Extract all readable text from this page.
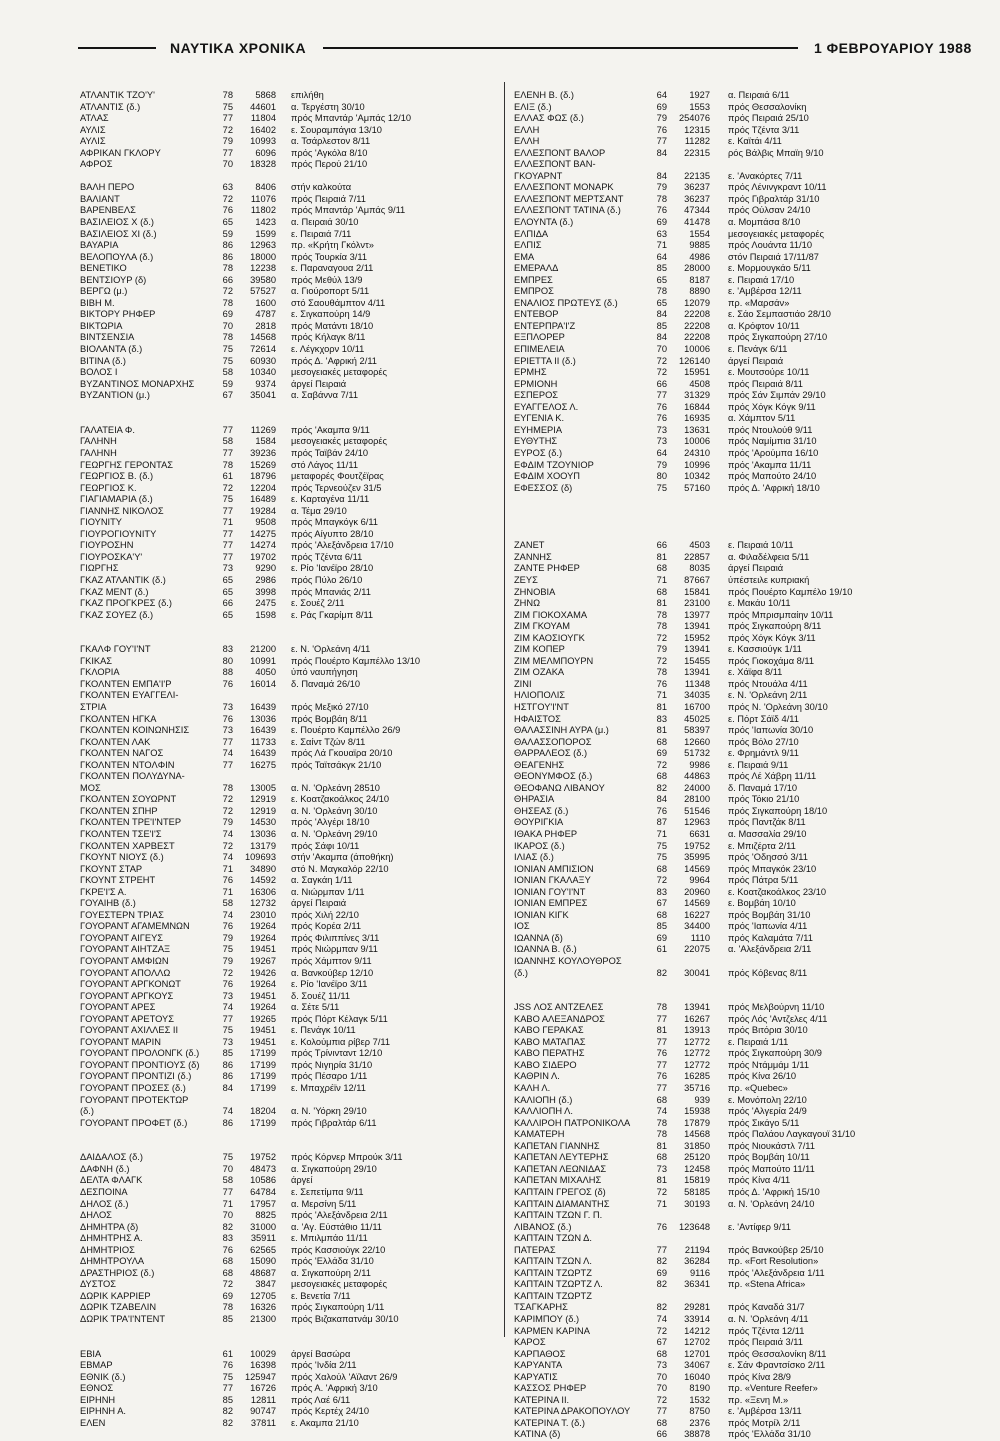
ΝΑΥΤΙΚΑ ΧΡΟΝΙΚΑ	1 ΦΕΒΡΟΥΑΡΙΟΥ 1988
ΑΤΛΑΝΤΙΚ ΤΖΟ'Υ'	78	5868 επιλήθη
ΑΤΛΑΝΤΙΣ (δ.)	75	44601 α. Τεργέστη 30/10
ΑΤΛΑΣ	77	11804 πρός Μπαντάρ 'Αμπάς 12/10
ΑΥΛΙΣ	72	16402 ε. Σουραμπάγια 13/10
ΑΥΛΙΣ	79	10993 α. Τσάρλεστον 8/11
ΑΦΡΙΚΑΝ ΓΚΛΟΡΥ	77	6096 πρός 'Αγκόλα 8/10
ΑΦΡΟΣ	70	18328 πρός Περού 21/10
ΒΑΛΗ ΠΕΡΟ	63	8406 στήν καλκούτα
ΒΑΛΙΑΝΤ	72	11076 πρός Πειραιά 7/11
ΒΑΡΕΝΒΕΛΣ	76	11802 πρός Μπαντάρ 'Αμπάς 9/11
ΒΑΣΙΛΕΙΟΣ Χ (δ.)	65	1423 α. Πειραιά 30/10
ΒΑΣΙΛΕΙΟΣ ΧΙ (δ.)	59	1599 ε. Πειραιά 7/11
ΒΑΥΑΡΙΑ	86	12963 πρ. «Κρήτη Γκόλντ»
ΒΕΛΟΠΟΥΛΑ (δ.)	86	18000 πρός Τουρκία 3/11
ΒΕΝΕΤΙΚΟ	78	12238 ε. Παραναγουα 2/11
ΒΕΝΤΣΙΟΥΡ (δ)	66	39580 πρός Μεθύλ 13/9
ΒΕΡΓΩ (μ.)	72	57527 α. Γιούροπορτ 5/11
ΒΙΒΗ Μ.	78	1600 στό Σαουθάμπτον 4/11
ΒΙΚΤΟΡΥ ΡΗΦΕΡ	69	4787 ε. Σιγκαπούρη 14/9
ΒΙΚΤΩΡΙΑ	70	2818 πρός Ματάντι 18/10
ΒΙΝΤΣΕΝΣΙΑ	78	14568 πρός Κήλαγκ 8/11
ΒΙΟΛΑΝΤΑ (δ.)	75	72614 ε. Λέγκχορν 10/11
ΒΙΤΙΝΑ (δ.)	75	60930 πρός Δ. 'Αφρική 2/11
ΒΟΛΟΣ Ι	58	10340 μεσογειακές μεταφορές
ΒΥΖΑΝΤΙΝΟΣ ΜΟΝΑΡΧΗΣ	59	9374 άργεί Πειραιά
ΒΥΖΑΝΤΙΟΝ (μ.)	67	35041 α. Σαβάννα 7/11
ΓΑΛΑΤΕΙΑ Φ.	77	11269 πρός 'Ακαμπα 9/11
ΓΑΛΗΝΗ	58	1584 μεσογειακές μεταφορές
ΓΑΛΗΝΗ	77	39236 πρός Ταϊβάν 24/10
ΓΕΩΡΓΗΣ ΓΕΡΟΝΤΑΣ	78	15269 στό Λάγος 11/11
ΓΕΩΡΓΙΟΣ Β. (δ.)	61	18796 μεταφορές Φουτζέϊρας
ΓΕΩΡΓΙΟΣ Κ.	72	12204 πρός Τερνεούζεν 31/5
ΓΙΑΓΙΑΜΑΡΙΑ (δ.)	75	16489 ε. Καρταγένα 11/11
ΓΙΑΝΝΗΣ ΝΙΚΟΛΟΣ	77	19284 α. Τέμα 29/10
ΓΙΟΥΝΙΤΥ	71	9508 πρός Μπαγκόγκ 6/11
ΓΙΟΥΡΟΓΙΟΥΝΙΤΥ	77	14275 πρός Αίγυπτο 28/10
ΓΙΟΥΡΟΣΗΝ	77	14274 πρός 'Αλεξάνδρεια 17/10
ΓΙΟΥΡΟΣΚΑ'Υ'	77	19702 πρός Τζέντα 6/11
ΓΙΩΡΓΗΣ	73	9290 ε. Ρίο 'Ιανέϊρο 28/10
ΓΚΑΖ ΑΤΛΑΝΤΙΚ (δ.)	65	2986 πρός Πύλο 26/10
ΓΚΑΖ ΜΕΝΤ (δ.)	65	3998 πρός Μπανιάς 2/11
ΓΚΑΖ ΠΡΟΓΚΡΕΣ (δ.)	66	2475 ε. Σουέζ 2/11
ΓΚΑΖ ΣΟΥΕΖ (δ.)	65	1598 ε. Ράς Γκαρίμπ 8/11
ΓΚΑΛΦ ΓΟΥ'Ι'ΝΤ	83	21200 ε. Ν. 'Ορλεάνη 4/11
ΓΚΙΚΑΣ	80	10991 πρός Πουέρτο Καμπέλλο 13/10
ΓΚΛΟΡΙΑ	88	4050 ύπό ναυπήγηση
ΓΚΟΛΝΤΕΝ ΕΜΠΑ'Ι'Ρ	76	16014 δ. Παναμά 26/10
ΓΚΟΛΝΤΕΝ ΕΥΑΓΓΕΛΙ-
ΣΤΡΙΑ	73	16439 πρός Μεξικό 27/10
ΓΚΟΛΝΤΕΝ ΗΓΚΑ	76	13036 πρός Βομβάη 8/11
ΓΚΟΛΝΤΕΝ ΚΟΙΝΩΝΗΣΙΣ	73	16439 ε. Πουέρτο Καμπέλλο 26/9
ΓΚΟΛΝΤΕΝ ΛΑΚ	77	11733 ε. Σαίντ Τζών 8/11
ΓΚΟΛΝΤΕΝ ΝΑΓΟΣ	74	16439 πρός Λά Γκουαϊρα 20/10
ΓΚΟΛΝΤΕΝ ΝΤΟΛΦΙΝ	77	16275 πρός Ταϊτσάκγκ 21/10
ΓΚΟΛΝΤΕΝ ΠΟΛΥΔΥΝΑ-
ΜΟΣ	78	13005 α. Ν. 'Ορλεάνη 28510
ΓΚΟΛΝΤΕΝ ΣΟΥΩΡΝΤ	72	12919 ε. Κοατζακοάλκος 24/10
ΓΚΟΛΝΤΕΝ ΣΠΗΡ	72	12919 α. Ν. 'Ορλεάνη 30/10
ΓΚΟΛΝΤΕΝ ΤΡΕ'Ι'ΝΤΕΡ	79	14530 πρός 'Αλγέρι 18/10
ΓΚΟΛΝΤΕΝ ΤΣΕ'Ι'Σ	74	13036 α. Ν. 'Ορλεάνη 29/10
ΓΚΟΛΝΤΕΝ ΧΑΡΒΕΣΤ	72	13179 πρός Σάφι 10/11
ΓΚΟΥΝΤ ΝΙΟΥΣ (δ.)	74	109693 στήν 'Ακαμπα (άποθήκη)
ΓΚΟΥΝΤ ΣΤΑΡ	71	34890 στό Ν. Μαγκαλόρ 22/10
ΓΚΟΥΝΤ ΣΤΡΕΗΤ	76	14592 α. Σαγκάη 1/11
ΓΚΡΕ'Ι'Σ Α.	71	16306 α. Νιώρμπαν 1/11
ΓΟΥΑΙΗΒ (δ.)	58	12732 άργεί Πειραιά
ΓΟΥΕΣΤΕΡΝ ΤΡΙΑΣ	74	23010 πρός Χιλή 22/10
ΓΟΥΟΡΑΝΤ ΑΓΑΜΕΜΝΩΝ	76	19264 πρός Κορέα 2/11
ΓΟΥΟΡΑΝΤ ΑΙΓΕΥΣ	79	19264 πρός Φιλιππίνες 3/11
ΓΟΥΟΡΑΝΤ ΑΙΗΤΖΑΞ	75	19451 πρός Νιώρμπαν 9/11
ΓΟΥΟΡΑΝΤ ΑΜΦΙΩΝ	79	19267 πρός Χάμπτον 9/11
ΓΟΥΟΡΑΝΤ ΑΠΟΛΛΩ	72	19426 α. Βανκούβερ 12/10
ΓΟΥΟΡΑΝΤ ΑΡΓΚΟΝΩΤ	76	19264 ε. Ρίο 'Ιανέϊρο 3/11
ΓΟΥΟΡΑΝΤ ΑΡΓΚΟΥΣ	73	19451 δ. Σουέζ 11/11
ΓΟΥΟΡΑΝΤ ΑΡΕΣ	74	19264 α. Σέτε 5/11
ΓΟΥΟΡΑΝΤ ΑΡΕΤΟΥΣ	77	19265 πρός Πόρτ Κέλαγκ 5/11
ΓΟΥΟΡΑΝΤ ΑΧΙΛΛΕΣ ΙΙ	75	19451 ε. Πενάγκ 10/11
ΓΟΥΟΡΑΝΤ ΜΑΡΙΝ	73	19451 ε. Κολούμπια ρίβερ 7/11
ΓΟΥΟΡΑΝΤ ΠΡΟΛΟΝΓΚ (δ.)	85	17199 πρός Τρίνινταντ 12/10
ΓΟΥΟΡΑΝΤ ΠΡΟΝΤΙΟΥΣ (δ)	86	17199 πρός Νιγηρία 31/10
ΓΟΥΟΡΑΝΤ ΠΡΟΝΤΙΖΙ (δ.)	86	17199 πρός Πέσαρο 1/11
ΓΟΥΟΡΑΝΤ ΠΡΟΣΕΣ (δ.)	84	17199 ε. Μπαχρέϊν 12/11
ΓΟΥΟΡΑΝΤ ΠΡΟΤΕΚΤΩΡ
(δ.)	74	18204 α. Ν. 'Υόρκη 29/10
ΓΟΥΟΡΑΝΤ ΠΡΟΦΕΤ (δ.)	86	17199 πρός Γιβραλτάρ 6/11
ΔΑΙΔΑΛΟΣ (δ.)	75	19752 πρός Κόρνερ Μπρούκ 3/11
ΔΑΦΝΗ (δ.)	70	48473 α. Σιγκαπούρη 29/10
ΔΕΛΤΑ ΦΛΑΓΚ	58	10586 άργεί
ΔΕΣΠΟΙΝΑ	77	64784 ε. Σεπετίμπα 9/11
ΔΗΛΟΣ (δ.)	71	17957 α. Μερσίνη 5/11
ΔΗΛΟΣ	70	8825 πρός 'Αλεξάνδρεια 2/11
ΔΗΜΗΤΡΑ (δ)	82	31000 α. 'Αγ. Εύστάθιο 11/11
ΔΗΜΗΤΡΗΣ Α.	83	35911 ε. Μπιλμπάο 11/11
ΔΗΜΗΤΡΙΟΣ	76	62565 πρός Κασσιούγκ 22/10
ΔΗΜΗΤΡΟΥΛΑ	68	15090 πρός 'Ελλάδα 31/10
ΔΡΑΣΤΗΡΙΟΣ (δ.)	68	48687 α. Σιγκαπούρη 2/11
ΔΥΣΤΟΣ	72	3847 μεσογειακές μεταφορές
ΔΩΡΙΚ ΚΑΡΡΙΕΡ	69	12705 ε. Βενετία 7/11
ΔΩΡΙΚ ΤΖΑΒΕΛΙΝ	78	16326 πρός Σιγκαπούρη 1/11
ΔΩΡΙΚ ΤΡΑ'Ι'ΝΤΕΝΤ	85	21300 πρός Βιζακαπατνάμ 30/10
ΕΒΙΑ	61	10029 άργεί Βασώρα
ΕΒΜΑΡ	76	16398 πρός 'Ινδία 2/11
ΕΘΝΙΚ (δ.)	75	125947 πρός Χαλούλ 'Αϊλαντ 26/9
ΕΘΝΟΣ	77	16726 πρός Α. 'Αφρική 3/10
ΕΙΡΗΝΗ	85	12811 πρός Λαέ 6/11
ΕΙΡΗΝΗ Α.	82	90747 πρός Κερτέχ 24/10
ΕΛΕΝ	82	37811 ε. Ακαμπα 21/10
ΕΛΕΝΗ Β. (δ.)	64	1927 α. Πειραιά 6/11
ΕΛΙΞ (δ.)	69	1553 πρός Θεσσαλονίκη
ΕΛΛΑΣ ΦΩΣ (δ.)	79	254076 πρός Πειραιά 25/10
ΕΛΛΗ	76	12315 πρός Τζέντα 3/11
ΕΛΛΗ	77	11282 ε. Καϊτάι 4/11
ΕΛΛΕΣΠΟΝΤ ΒΑΛΟΡ	84	22315 ρός Βάλβις Μπαϊη 9/10
ΕΛΛΕΣΠΟΝΤ ΒΑΝ-
ΓΚΟΥΑΡΝΤ	84	22135 ε. 'Ανακόρτες 7/11
ΕΛΛΕΣΠΟΝΤ ΜΟΝΑΡΚ	79	36237 πρός Λένινγκραντ 10/11
ΕΛΛΕΣΠΟΝΤ ΜΕΡΤΣΑΝΤ	78	36237 πρός Γιβραλτάρ 31/10
ΕΛΛΕΣΠΟΝΤ ΤΑΤΙΝΑ (δ.)	76	47344 πρός Ούλσαν 24/10
ΕΛΟΥΝΤΑ (δ.)	69	41478 α. Μομπάσα 8/10
ΕΛΠΙΔΑ	63	1554 μεσογειακές μεταφορές
ΕΛΠΙΣ	71	9885 πρός Λουάντα 11/10
ΕΜΑ	64	4986 στόν Πειραιά 17/11/87
ΕΜΕΡΑΛΔ	85	28000 ε. Μορμουγκάο 5/11
ΕΜΠΡΕΣ	65	8187 ε. Πειραιά 17/10
ΕΜΠΡΟΣ	78	8890 ε. 'Αμβέρσα 12/11
ΕΝΑΛΙΟΣ ΠΡΩΤΕΥΣ (δ.)	65	12079 πρ. «Μαρσάν»
ΕΝΤΕΒΟΡ	84	22208 ε. Σάο Σεμπαστιάο 28/10
ΕΝΤΕΡΠΡΑ'Ι'Ζ	85	22208 α. Κρόφτον 10/11
ΕΞΠΛΟΡΕΡ	84	22208 πρός Σιγκαπούρη 27/10
ΕΠΙΜΕΛΕΙΑ	70	10006 ε. Πενάγκ 6/11
ΕΡΙΕΤΤΑ ΙΙ (δ.)	72	126140 άργεί Πειραιά
ΕΡΜΗΣ	72	15951 ε. Μουτσούρε 10/11
ΕΡΜΙΟΝΗ	66	4508 πρός Πειραιά 8/11
ΕΣΠΕΡΟΣ	77	31329 πρός Σάν Σιμπάν 29/10
ΕΥΑΓΓΕΛΟΣ Λ.	76	16844 πρός Χόγκ Κόγκ 9/11
ΕΥΓΕΝΙΑ Κ.	76	16935 α. Χάμπτον 5/11
ΕΥΗΜΕΡΙΑ	73	13631 πρός Ντουλούθ 9/11
ΕΥΘΥΤΗΣ	73	10006 πρός Ναμίμπια 31/10
ΕΥΡΟΣ (δ.)	64	24310 πρός 'Αρούμπα 16/10
ΕΦΔΙΜ ΤΖΟΥΝΙΟΡ	79	10996 πρός 'Ακαμπα 11/11
ΕΦΔΙΜ ΧΟΟΥΠ	80	10342 πρός Μαπούτο 24/10
ΕΦΕΣΣΟΣ (δ)	75	57160 πρός Δ. 'Αφρική 18/10
ΖΑΝΕΤ	66	4503 ε. Πειραιά 10/11
ΖΑΝΝΗΣ	81	22857 α. Φιλαδέλφεια 5/11
ΖΑΝΤΕ ΡΗΦΕΡ	68	8035 άργεί Πειραιά
ΖΕΥΣ	71	87667 ύπέστειλε κυπριακή
ΖΗΝΟΒΙΑ	68	15841 πρός Πουέρτο Καμπέλο 19/10
ΖΗΝΩ	81	23100 ε. Μακάυ 10/11
ΖΙΜ ΓΙΟΚΟΧΑΜΑ	78	13977 πρός Μπρισμπαίην 10/11
ΖΙΜ ΓΚΟΥΑΜ	78	13941 πρός Σιγκαπούρη 8/11
ΖΙΜ ΚΑΟΣΙΟΥΓΚ	72	15952 πρός Χόγκ Κόγκ 3/11
ΖΙΜ ΚΟΠΕΡ	79	13941 ε. Κασσιούγκ 1/11
ΖΙΜ ΜΕΛΜΠΟΥΡΝ	72	15455 πρός Γιοκοχάμα 8/11
ΖΙΜ ΟΖΑΚΑ	78	13941 ε. Χάϊφα 8/11
ΖΙΝΙ	76	11348 πρός Ντουάλα 4/11
ΗΛΙΟΠΟΛΙΣ	71	34035 ε. Ν. 'Ορλεάνη 2/11
ΗΣΤΓΟΥ'Ι'ΝΤ	81	16700 πρός Ν. 'Ορλεάνη 30/10
ΗΦΑΙΣΤΟΣ	83	45025 ε. Πόρτ Σάϊδ 4/11
ΘΑΛΑΣΣΙΝΗ ΑΥΡΑ (μ.)	81	58397 πρός 'Ιαπωνία 30/10
ΘΑΛΑΣΣΟΠΟΡΟΣ	68	12660 πρός Βόλο 27/10
ΘΑΡΡΑΛΕΟΣ (δ.)	69	51732 ε. Φρημάντλ 9/11
ΘΕΑΓΕΝΗΣ	72	9986 ε. Πειραιά 9/11
ΘΕΟΝΥΜΦΟΣ (δ.)	68	44863 πρός Λέ Χάβρη 11/11
ΘΕΟΦΑΝΩ ΛΙΒΑΝΟΥ	82	24000 δ. Παναμά 17/10
ΘΗΡΑΣΙΑ	84	28100 πρός Τόκιο 21/10
ΘΗΣΕΑΣ (δ.)	76	51546 πρός Σιγκαπούρη 18/10
ΘΟΥΡΙΓΚΙΑ	87	12963 πρός Παντζάκ 8/11
ΙΘΑΚΑ ΡΗΦΕΡ	71	6631 α. Μασσαλία 29/10
ΙΚΑΡΟΣ (δ.)	75	19752 ε. Μπιζέρτα 2/11
ΙΛΙΑΣ (δ.)	75	35995 πρός 'Οδησσό 3/11
ΙΟΝΙΑΝ ΑΜΠΙΣΙΟΝ	68	14569 πρός Μπαγκόκ 23/10
ΙΟΝΙΑΝ ΓΚΑΛΑΞΥ	72	9964 πρός Πάτρα 5/11
ΙΟΝΙΑΝ ΓΟΥ'Ι'ΝΤ	83	20960 ε. Κοατζακοάλκος 23/10
ΙΟΝΙΑΝ ΕΜΠΡΕΣ	67	14569 ε. Βομβάη 10/10
ΙΟΝΙΑΝ ΚΙΓΚ	68	16227 πρός Βομβάη 31/10
ΙΟΣ	85	34400 πρός 'Ιαπωνία 4/11
ΙΩΑΝΝΑ (δ)	69	1110 πρός Καλαμάτα 7/11
ΙΩΑΝΝΑ Β. (δ.)	61	22075 α. 'Αλεξάνδρεια 2/11
ΙΩΑΝΝΗΣ ΚΟΥΛΟΥΘΡΟΣ
(δ.)	82	30041 πρός Κόβενας 8/11
JSS ΛΟΣ ΑΝΤΖΕΛΕΣ	78	13941 πρός Μελβούρνη 11/10
ΚΑΒΟ ΑΛΕΞΑΝΔΡΟΣ	77	16267 πρός Λός 'Αντζελες 4/11
ΚΑΒΟ ΓΕΡΑΚΑΣ	81	13913 πρός Βιτόρια 30/10
ΚΑΒΟ ΜΑΤΑΠΑΣ	77	12772 ε. Πειραιά 1/11
ΚΑΒΟ ΠΕΡΑΤΗΣ	76	12772 πρός Σιγκαπούρη 30/9
ΚΑΒΟ ΣΙΔΕΡΟ	77	12772 πρός Ντάμμάμ 1/11
ΚΑΘΡΙΝ Λ.	76	16285 πρός Κίνα 26/10
ΚΑΛΗ Λ.	77	35716 πρ. «Quebec»
ΚΑΛΙΟΠΗ (δ.)	68	939 ε. Μονόπολη 22/10
ΚΑΛΛΙΟΠΗ Λ.	74	15938 πρός 'Αλγερία 24/9
ΚΑΛΛΙΡΟΗ ΠΑΤΡΟΝΙΚΟΛΑ	78	17879 πρός Σικάγο 5/11
ΚΑΜΑΤΕΡΗ	78	14568 πρός Παλάου Λαγκαγουϊ 31/10
ΚΑΠΕΤΑΝ ΓΙΑΝΝΗΣ	81	31850 πρός Νιουκάστλ 7/11
ΚΑΠΕΤΑΝ ΛΕΥΤΕΡΗΣ	68	25120 πρός Βομβάη 10/11
ΚΑΠΕΤΑΝ ΛΕΩΝΙΔΑΣ	73	12458 πρός Μαπούτο 11/11
ΚΑΠΕΤΑΝ ΜΙΧΑΛΗΣ	81	15819 πρός Κίνα 4/11
ΚΑΠΤΑΙΝ ΓΡΕΓΟΣ (δ)	72	58185 πρός Δ. 'Αφρική 15/10
ΚΑΠΤΑΙΝ ΔΙΑΜΑΝΤΗΣ	71	30193 α. Ν. 'Ορλεάνη 24/10
ΚΑΠΤΑΙΝ ΤΖΩΝ Γ. Π.
ΛΙΒΑΝΟΣ (δ.)	76	123648 ε. 'Αντίφερ 9/11
ΚΑΠΤΑΙΝ ΤΖΩΝ Δ.
ΠΑΤΕΡΑΣ	77	21194 πρός Βανκούβερ 25/10
ΚΑΠΤΑΙΝ ΤΖΩΝ Λ.	82	36284 πρ. «Fort Resolution»
ΚΑΠΤΑΙΝ ΤΖΩΡΤΖ	69	9116 πρός 'Αλεξάνδρεια 1/11
ΚΑΠΤΑΙΝ ΤΖΩΡΤΖ Λ.	82	36341 πρ. «Stena Africa»
ΚΑΠΤΑΙΝ ΤΖΩΡΤΖ
ΤΣΑΓΚΑΡΗΣ	82	29281 πρός Καναδά 31/7
ΚΑΡΙΜΠΟΥ (δ.)	74	33914 α. Ν. 'Ορλεάνη 4/11
ΚΑΡΜΕΝ ΚΑΡΙΝΑ	72	14212 πρός Τζέντα 12/11
ΚΑΡΟΣ	67	12702 πρός Πειραιά 3/11
ΚΑΡΠΑΘΟΣ	68	12701 πρός Θεσσαλονίκη 8/11
ΚΑΡΥΑΝΤΑ	73	34067 ε. Σάν Φραντσίσκο 2/11
ΚΑΡΥΑΤΙΣ	70	16040 πρός Κίνα 28/9
ΚΑΣΣΟΣ ΡΗΦΕΡ	70	8190 πρ. «Venture Reefer»
ΚΑΤΕΡΙΝΑ ΙΙ.	72	1532 πρ. «Ξενη Μ.»
ΚΑΤΕΡΙΝΑ ΔΡΑΚΟΠΟΥΛΟΥ	77	8750 ε. 'Αμβέρσα 13/11
ΚΑΤΕΡΙΝΑ Τ. (δ.)	68	2376 πρός Μοτρίλ 2/11
ΚΑΤΙΝΑ (δ)	66	38878 πρός 'Ελλάδα 31/10
